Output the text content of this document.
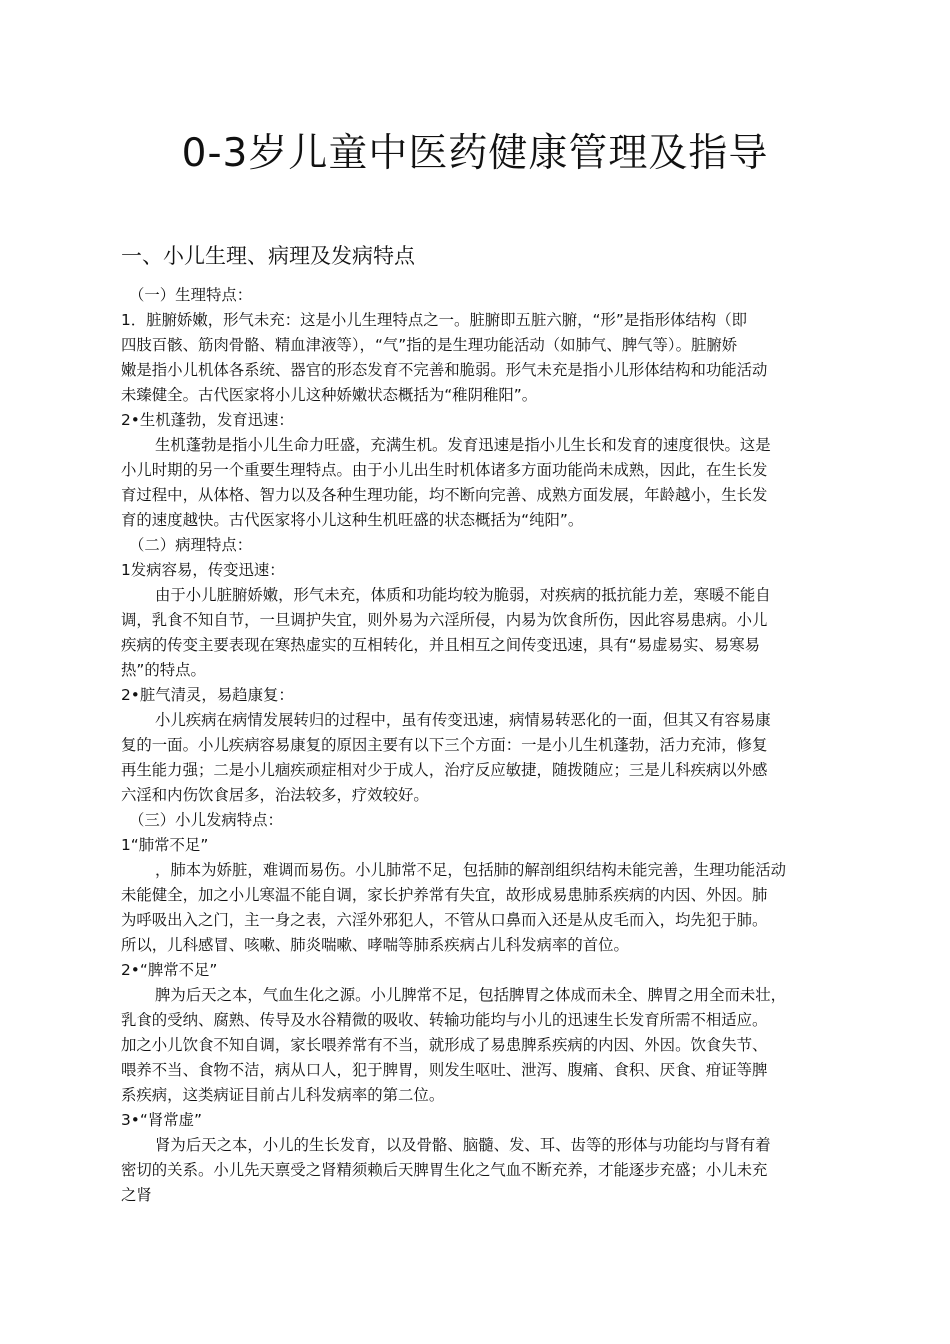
0-3岁儿童中医药健康管理及指导
一、小儿生理、病理及发病特点
（一）生理特点：
1．脏腑娇嫩，形气未充：这是小儿生理特点之一。脏腑即五脏六腑，“形”是指形体结构（即
四肢百骸、筋肉骨骼、精血津液等），“气”指的是生理功能活动（如肺气、脾气等）。脏腑娇
嫩是指小儿机体各系统、器官的形态发育不完善和脆弱。形气未充是指小儿形体结构和功能活动
未臻健全。古代医家将小儿这种娇嫩状态概括为“稚阴稚阳”。
2•生机蓬勃，发育迅速：
生机蓬勃是指小儿生命力旺盛，充满生机。发育迅速是指小儿生长和发育的速度很快。这是
小儿时期的另一个重要生理特点。由于小儿出生时机体诸多方面功能尚未成熟，因此，在生长发
育过程中，从体格、智力以及各种生理功能，均不断向完善、成熟方面发展，年龄越小，生长发
育的速度越快。古代医家将小儿这种生机旺盛的状态概括为“纯阳”。
（二）病理特点：
1发病容易，传变迅速：
由于小儿脏腑娇嫩，形气未充，体质和功能均较为脆弱，对疾病的抵抗能力差，寒暖不能自
调，乳食不知自节，一旦调护失宜，则外易为六淫所侵，内易为饮食所伤，因此容易患病。小儿
疾病的传变主要表现在寒热虚实的互相转化，并且相互之间传变迅速，具有“易虚易实、易寒易
热”的特点。
2•脏气清灵，易趋康复：
小儿疾病在病情发展转归的过程中，虽有传变迅速，病情易转恶化的一面，但其又有容易康
复的一面。小儿疾病容易康复的原因主要有以下三个方面：一是小儿生机蓬勃，活力充沛，修复
再生能力强；二是小儿痼疾顽症相对少于成人，治疗反应敏捷，随拨随应；三是儿科疾病以外感
六淫和内伤饮食居多，治法较多，疗效较好。
（三）小儿发病特点：
1“肺常不足”
，肺本为娇脏，难调而易伤。小儿肺常不足，包括肺的解剖组织结构未能完善，生理功能活动
未能健全，加之小儿寒温不能自调，家长护养常有失宜，故形成易患肺系疾病的内因、外因。肺
为呼吸出入之门，主一身之表，六淫外邪犯人，不管从口鼻而入还是从皮毛而入，均先犯于肺。
所以，儿科感冒、咳嗽、肺炎喘嗽、哮喘等肺系疾病占儿科发病率的首位。
2•“脾常不足”
脾为后天之本，气血生化之源。小儿脾常不足，包括脾胃之体成而未全、脾胃之用全而未壮，
乳食的受纳、腐熟、传导及水谷精微的吸收、转输功能均与小儿的迅速生长发育所需不相适应。
加之小儿饮食不知自调，家长喂养常有不当，就形成了易患脾系疾病的内因、外因。饮食失节、
喂养不当、食物不洁，病从口人，犯于脾胃，则发生呕吐、泄泻、腹痛、食积、厌食、疳证等脾
系疾病，这类病证目前占儿科发病率的第二位。
3•“肾常虚”
肾为后天之本，小儿的生长发育，以及骨骼、脑髓、发、耳、齿等的形体与功能均与肾有着
密切的关系。小儿先天禀受之肾精须赖后天脾胃生化之气血不断充养，才能逐步充盛；小儿未充
之肾
